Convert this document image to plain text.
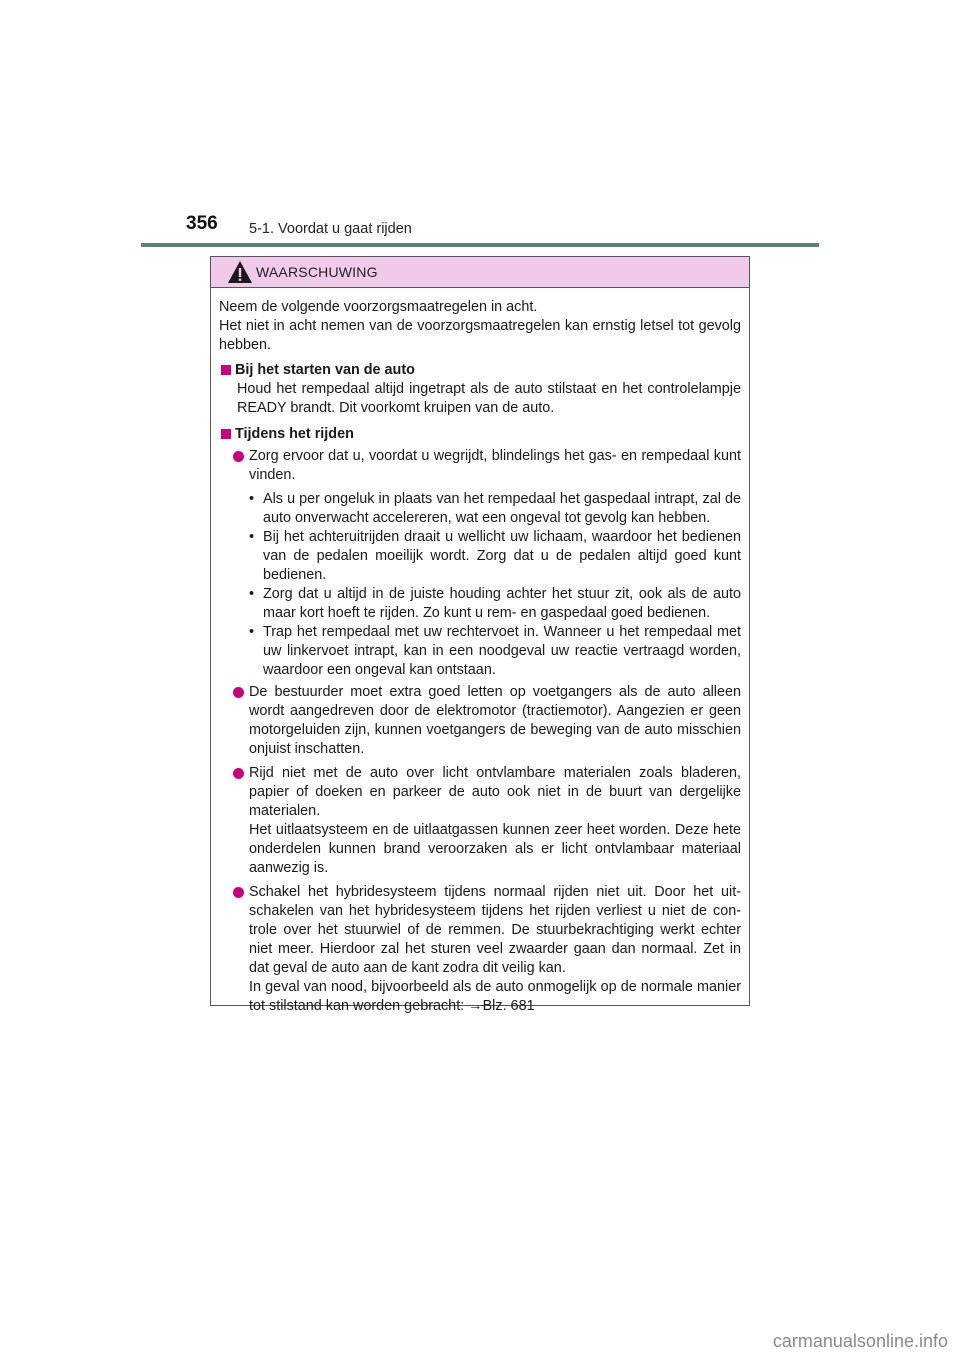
356 5-1. Voordat u gaat rijden
WAARSCHUWING

Neem de volgende voorzorgsmaatregelen in acht.
Het niet in acht nemen van de voorzorgsmaatregelen kan ernstig letsel tot gevolg hebben.

Bij het starten van de auto

Houd het rempedaal altijd ingetrapt als de auto stilstaat en het controlelampje READY brandt. Dit voorkomt kruipen van de auto.

Tijdens het rijden

Zorg ervoor dat u, voordat u wegrijdt, blindelings het gas- en rempedaal kunt vinden.

• Als u per ongeluk in plaats van het rempedaal het gaspedaal intrapt, zal de auto onverwacht accelereren, wat een ongeval tot gevolg kan hebben.
• Bij het achteruitrijden draait u wellicht uw lichaam, waardoor het bedienen van de pedalen moeilijk wordt. Zorg dat u de pedalen altijd goed kunt bedienen.
• Zorg dat u altijd in de juiste houding achter het stuur zit, ook als de auto maar kort hoeft te rijden. Zo kunt u rem- en gaspedaal goed bedienen.
• Trap het rempedaal met uw rechtervoet in. Wanneer u het rempedaal met uw linkervoet intrapt, kan in een noodgeval uw reactie vertraagd worden, waardoor een ongeval kan ontstaan.

De bestuurder moet extra goed letten op voetgangers als de auto alleen wordt aangedreven door de elektromotor (tractiemotor). Aangezien er geen motorgeluiden zijn, kunnen voetgangers de beweging van de auto misschien onjuist inschatten.

Rijd niet met de auto over licht ontvlambare materialen zoals bladeren, papier of doeken en parkeer de auto ook niet in de buurt van dergelijke materialen.
Het uitlaatsysteem en de uitlaatgassen kunnen zeer heet worden. Deze hete onderdelen kunnen brand veroorzaken als er licht ontvlambaar materiaal aanwezig is.

Schakel het hybridesysteem tijdens normaal rijden niet uit. Door het uitschakelen van het hybridesysteem tijdens het rijden verliest u niet de controle over het stuurwiel of de remmen. De stuurbekrachtiging werkt echter niet meer. Hierdoor zal het sturen veel zwaarder gaan dan normaal. Zet in dat geval de auto aan de kant zodra dit veilig kan.
In geval van nood, bijvoorbeeld als de auto onmogelijk op de normale manier tot stilstand kan worden gebracht: →Blz. 681

carmanualsonline.info
